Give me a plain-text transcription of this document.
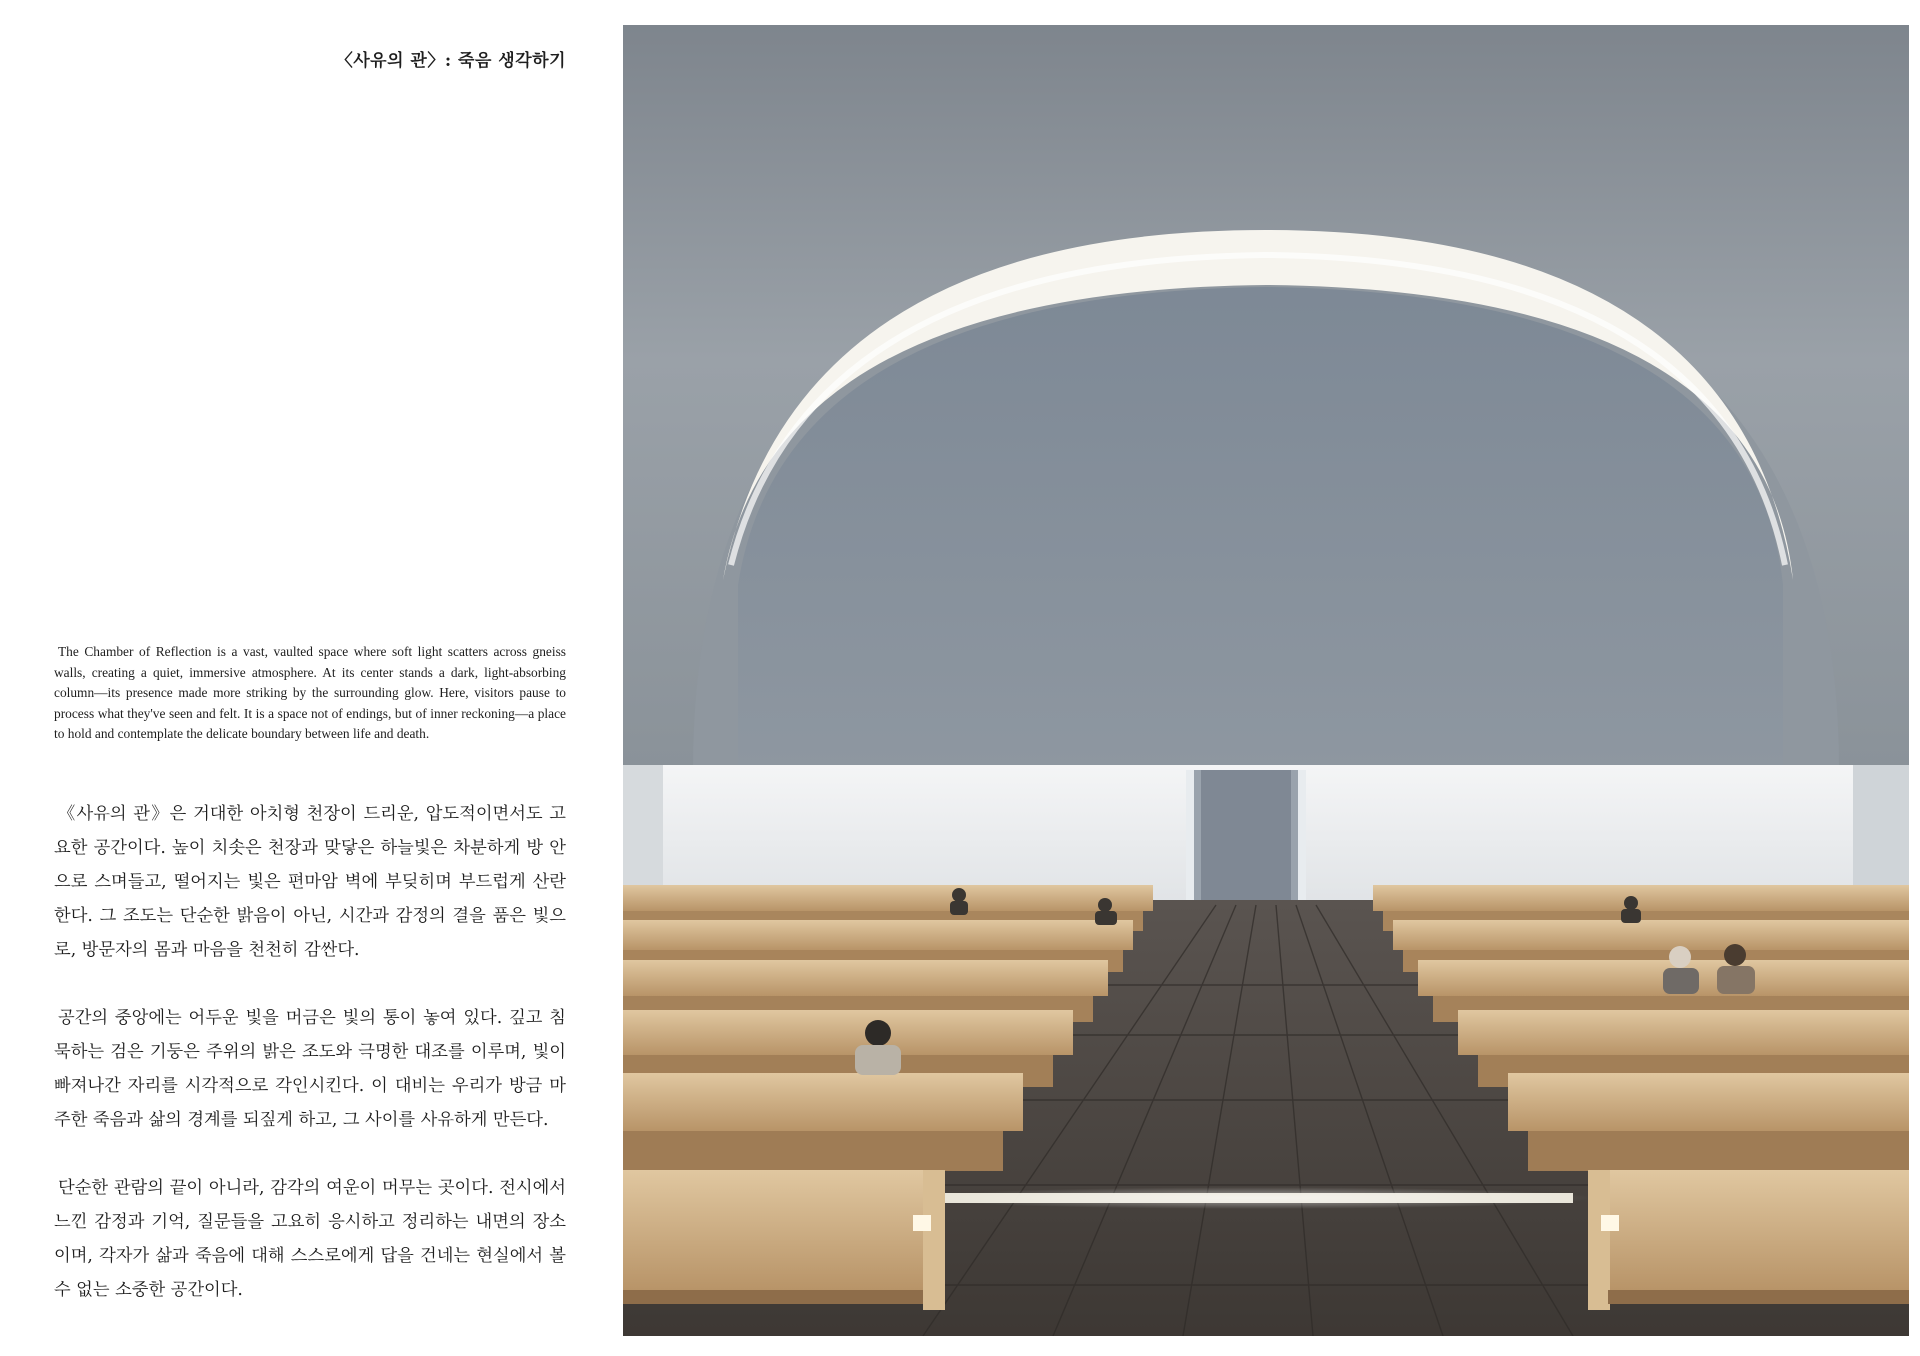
〈사유의 관〉: 죽음 생각하기

The Chamber of Reflection is a vast, vaulted space where soft light scatters across gneiss walls, creating a quiet, immersive atmosphere. At its center stands a dark, light-absorbing column—its presence made more striking by the surrounding glow. Here, visitors pause to process what they've seen and felt. It is a space not of endings, but of inner reckoning—a place to hold and contemplate the delicate boundary between life and death.

《사유의 관》은 거대한 아치형 천장이 드리운, 압도적이면서도 고요한 공간이다. 높이 치솟은 천장과 맞닿은 하늘빛은 차분하게 방 안으로 스며들고, 떨어지는 빛은 편마암 벽에 부딪히며 부드럽게 산란한다. 그 조도는 단순한 밝음이 아닌, 시간과 감정의 결을 품은 빛으로, 방문자의 몸과 마음을 천천히 감싼다.

공간의 중앙에는 어두운 빛을 머금은 빛의 통이 놓여 있다. 깊고 침묵하는 검은 기둥은 주위의 밝은 조도와 극명한 대조를 이루며, 빛이 빠져나간 자리를 시각적으로 각인시킨다. 이 대비는 우리가 방금 마주한 죽음과 삶의 경계를 되짚게 하고, 그 사이를 사유하게 만든다.

단순한 관람의 끝이 아니라, 감각의 여운이 머무는 곳이다. 전시에서 느낀 감정과 기억, 질문들을 고요히 응시하고 정리하는 내면의 장소이며, 각자가 삶과 죽음에 대해 스스로에게 답을 건네는 현실에서 볼 수 없는 소중한 공간이다.
